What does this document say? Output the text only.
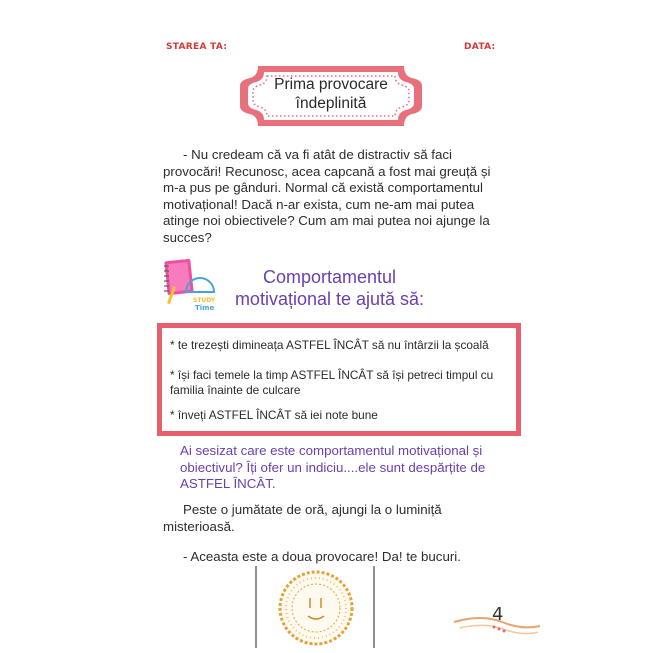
STAREA TA:	DATA:
Prima provocare
îndeplinită
- Nu credeam că va fi atât de distractiv să faci provocări! Recunosc, acea capcană a fost mai greuță și m-a pus pe gânduri. Normal că există comportamentul motivațional! Dacă n-ar exista, cum ne-am mai putea atinge noi obiectivele? Cum am mai putea noi ajunge la succes?
STUDY
Time
Comportamentul
motivațional te ajută să:
* te trezești dimineața ASTFEL ÎNCÂT să nu întârzii la școală
* își faci temele la timp ASTFEL ÎNCÂT să își petreci timpul cu familia înainte de culcare
* înveți ASTFEL ÎNCÂT să iei note bune
Ai sesizat care este comportamentul motivațional și obiectivul? Îți ofer un indiciu....ele sunt despărțite de ASTFEL ÎNCÂT.
Peste o jumătate de oră, ajungi la o luminiță misterioasă.
- Aceasta este a doua provocare! Da! te bucuri.
4
